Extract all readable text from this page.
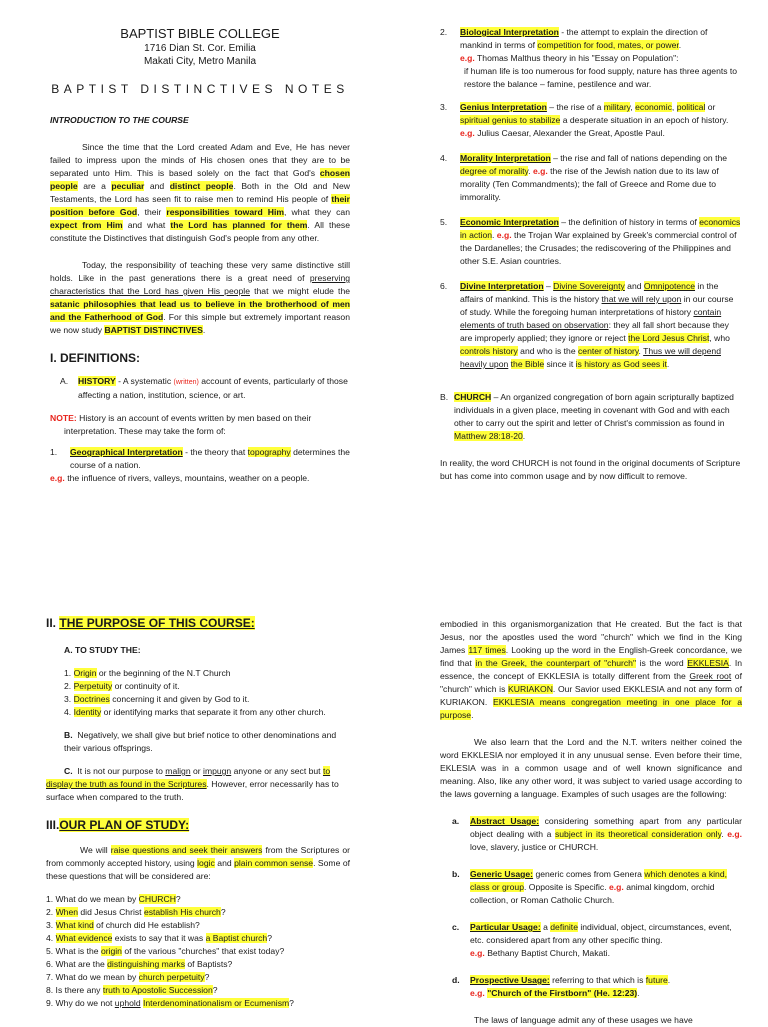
BAPTIST BIBLE COLLEGE

1716 Dian St. Cor. Emilia

Makati City, Metro Manila

BAPTIST DISTINCTIVES NOTES

INTRODUCTION TO THE COURSE

Since the time that the Lord created Adam and Eve, He has never failed to impress upon the minds of His chosen ones that they are to be separated unto Him. This is based solely on the fact that God's chosen people are a peculiar and distinct people. Both in the Old and New Testaments, the Lord has seen fit to raise men to remind His people of their position before God, their responsibilities toward Him, what they can expect from Him and what the Lord has planned for them. All these constitute the Distinctives that distinguish God's people from any other.

Today, the responsibility of teaching these very same distinctive still holds. Like in the past generations there is a great need of preserving characteristics that the Lord has given His people that we might elude the satanic philosophies that lead us to believe in the brotherhood of men and the Fatherhood of God. For this simple but extremely important reason we now study BAPTIST DISTINCTIVES.

I. DEFINITIONS:

A. HISTORY - A systematic (written) account of events, particularly of those affecting a nation, institution, science, or art.
NOTE: History is an account of events written by men based on their interpretation. These may take the form of:
1. Geographical Interpretation - the theory that topography determines the course of a nation.
e.g. the influence of rivers, valleys, mountains, weather on a people.
2. Biological Interpretation - the attempt to explain the direction of mankind in terms of competition for food, mates, or power.
e.g. Thomas Malthus theory in his "Essay on Population":

if human life is too numerous for food supply, nature has three agents to restore the balance – famine, pestilence and war.
3. Genius Interpretation – the rise of a military, economic, political or spiritual genius to stabilize a desperate situation in an epoch of history. e.g. Julius Caesar, Alexander the Great, Apostle Paul.
4. Morality Interpretation – the rise and fall of nations depending on the degree of morality. e.g. the rise of the Jewish nation due to its law of morality (Ten Commandments); the fall of Greece and Rome due to immorality.
5. Economic Interpretation – the definition of history in terms of economics in action. e.g. the Trojan War explained by Greek's commercial control of the Dardanelles; the Crusades; the rediscovering of the Philippines and other S.E. Asian countries.
6. Divine Interpretation – Divine Sovereignty and Omnipotence in the affairs of mankind. This is the history that we will rely upon in our course of study. While the foregoing human interpretations of history contain elements of truth based on observation: they all fall short because they are improperly applied; they ignore or reject the Lord Jesus Christ, who controls history and who is the center of history. Thus we will depend heavily upon the Bible since it is history as God sees it.
B. CHURCH – An organized congregation of born again scripturally baptized individuals in a given place, meeting in covenant with God and with each other to carry out the spirit and letter of Christ's commission as found in Matthew 28:18-20.

In reality, the word CHURCH is not found in the original documents of Scripture but has come into common usage and by now difficult to remove.

II. THE PURPOSE OF THIS COURSE:

A. TO STUDY THE:

1. Origin or the beginning of the N.T Church
2. Perpetuity or continuity of it.
3. Doctrines concerning it and given by God to it.
4. Identity or identifying marks that separate it from any other church.
B. Negatively, we shall give but brief notice to other denominations and their various offsprings.
C. It is not our purpose to malign or impugn anyone or any sect but to display the truth as found in the Scriptures. However, error necessarily has to surface when compared to the truth.

III.OUR PLAN OF STUDY:

We will raise questions and seek their answers from the Scriptures or from commonly accepted history, using logic and plain common sense. Some of these questions that will be considered are:
1. What do we mean by CHURCH?
2. When did Jesus Christ establish His church?
3. What kind of church did He establish?
4. What evidence exists to say that it was a Baptist church?
5. What is the origin of the various "churches" that exist today?
6. What are the distinguishing marks of Baptists?
7. What do we mean by church perpetuity?
8. Is there any truth to Apostolic Succession?
9. Why do we not uphold Interdenominationalism or Ecumenism?

embodied in this organismorganization that He created. But the fact is that Jesus, nor the apostles used the word "church" which we find in the King James 117 times. Looking up the word in the English-Greek concordance, we find that in the Greek, the counterpart of "church" is the word EKKLESIA. In essence, the concept of EKKLESIA is totally different from the Greek root of "church" which is KURIAKON. Our Savior used EKKLESIA and not any form of KURIAKON. EKKLESIA means congregation meeting in one place for a purpose.

We also learn that the Lord and the N.T. writers neither coined the word EKKLESIA nor employed it in any unusual sense. Even before their time, EKLESIA was in a common usage and of well known significance and meaning. Also, like any other word, it was subject to varied usage according to the laws governing a language. Examples of such usages are the following:

a. Abstract Usage: considering something apart from any particular object dealing with a subject in its theoretical consideration only. e.g. love, slavery, justice or CHURCH.
b. Generic Usage: generic comes from Genera which denotes a kind, class or group. Opposite is Specific. e.g. animal kingdom, orchid collection, or Roman Catholic Church.
c. Particular Usage: a definite individual, object, circumstances, event, etc. considered apart from any other specific thing.
e.g. Bethany Baptist Church, Makati.
d. Prospective Usage: referring to that which is future.
e.g. "Church of the Firstborn" (He. 12:23).

The laws of language admit any of these usages we have
